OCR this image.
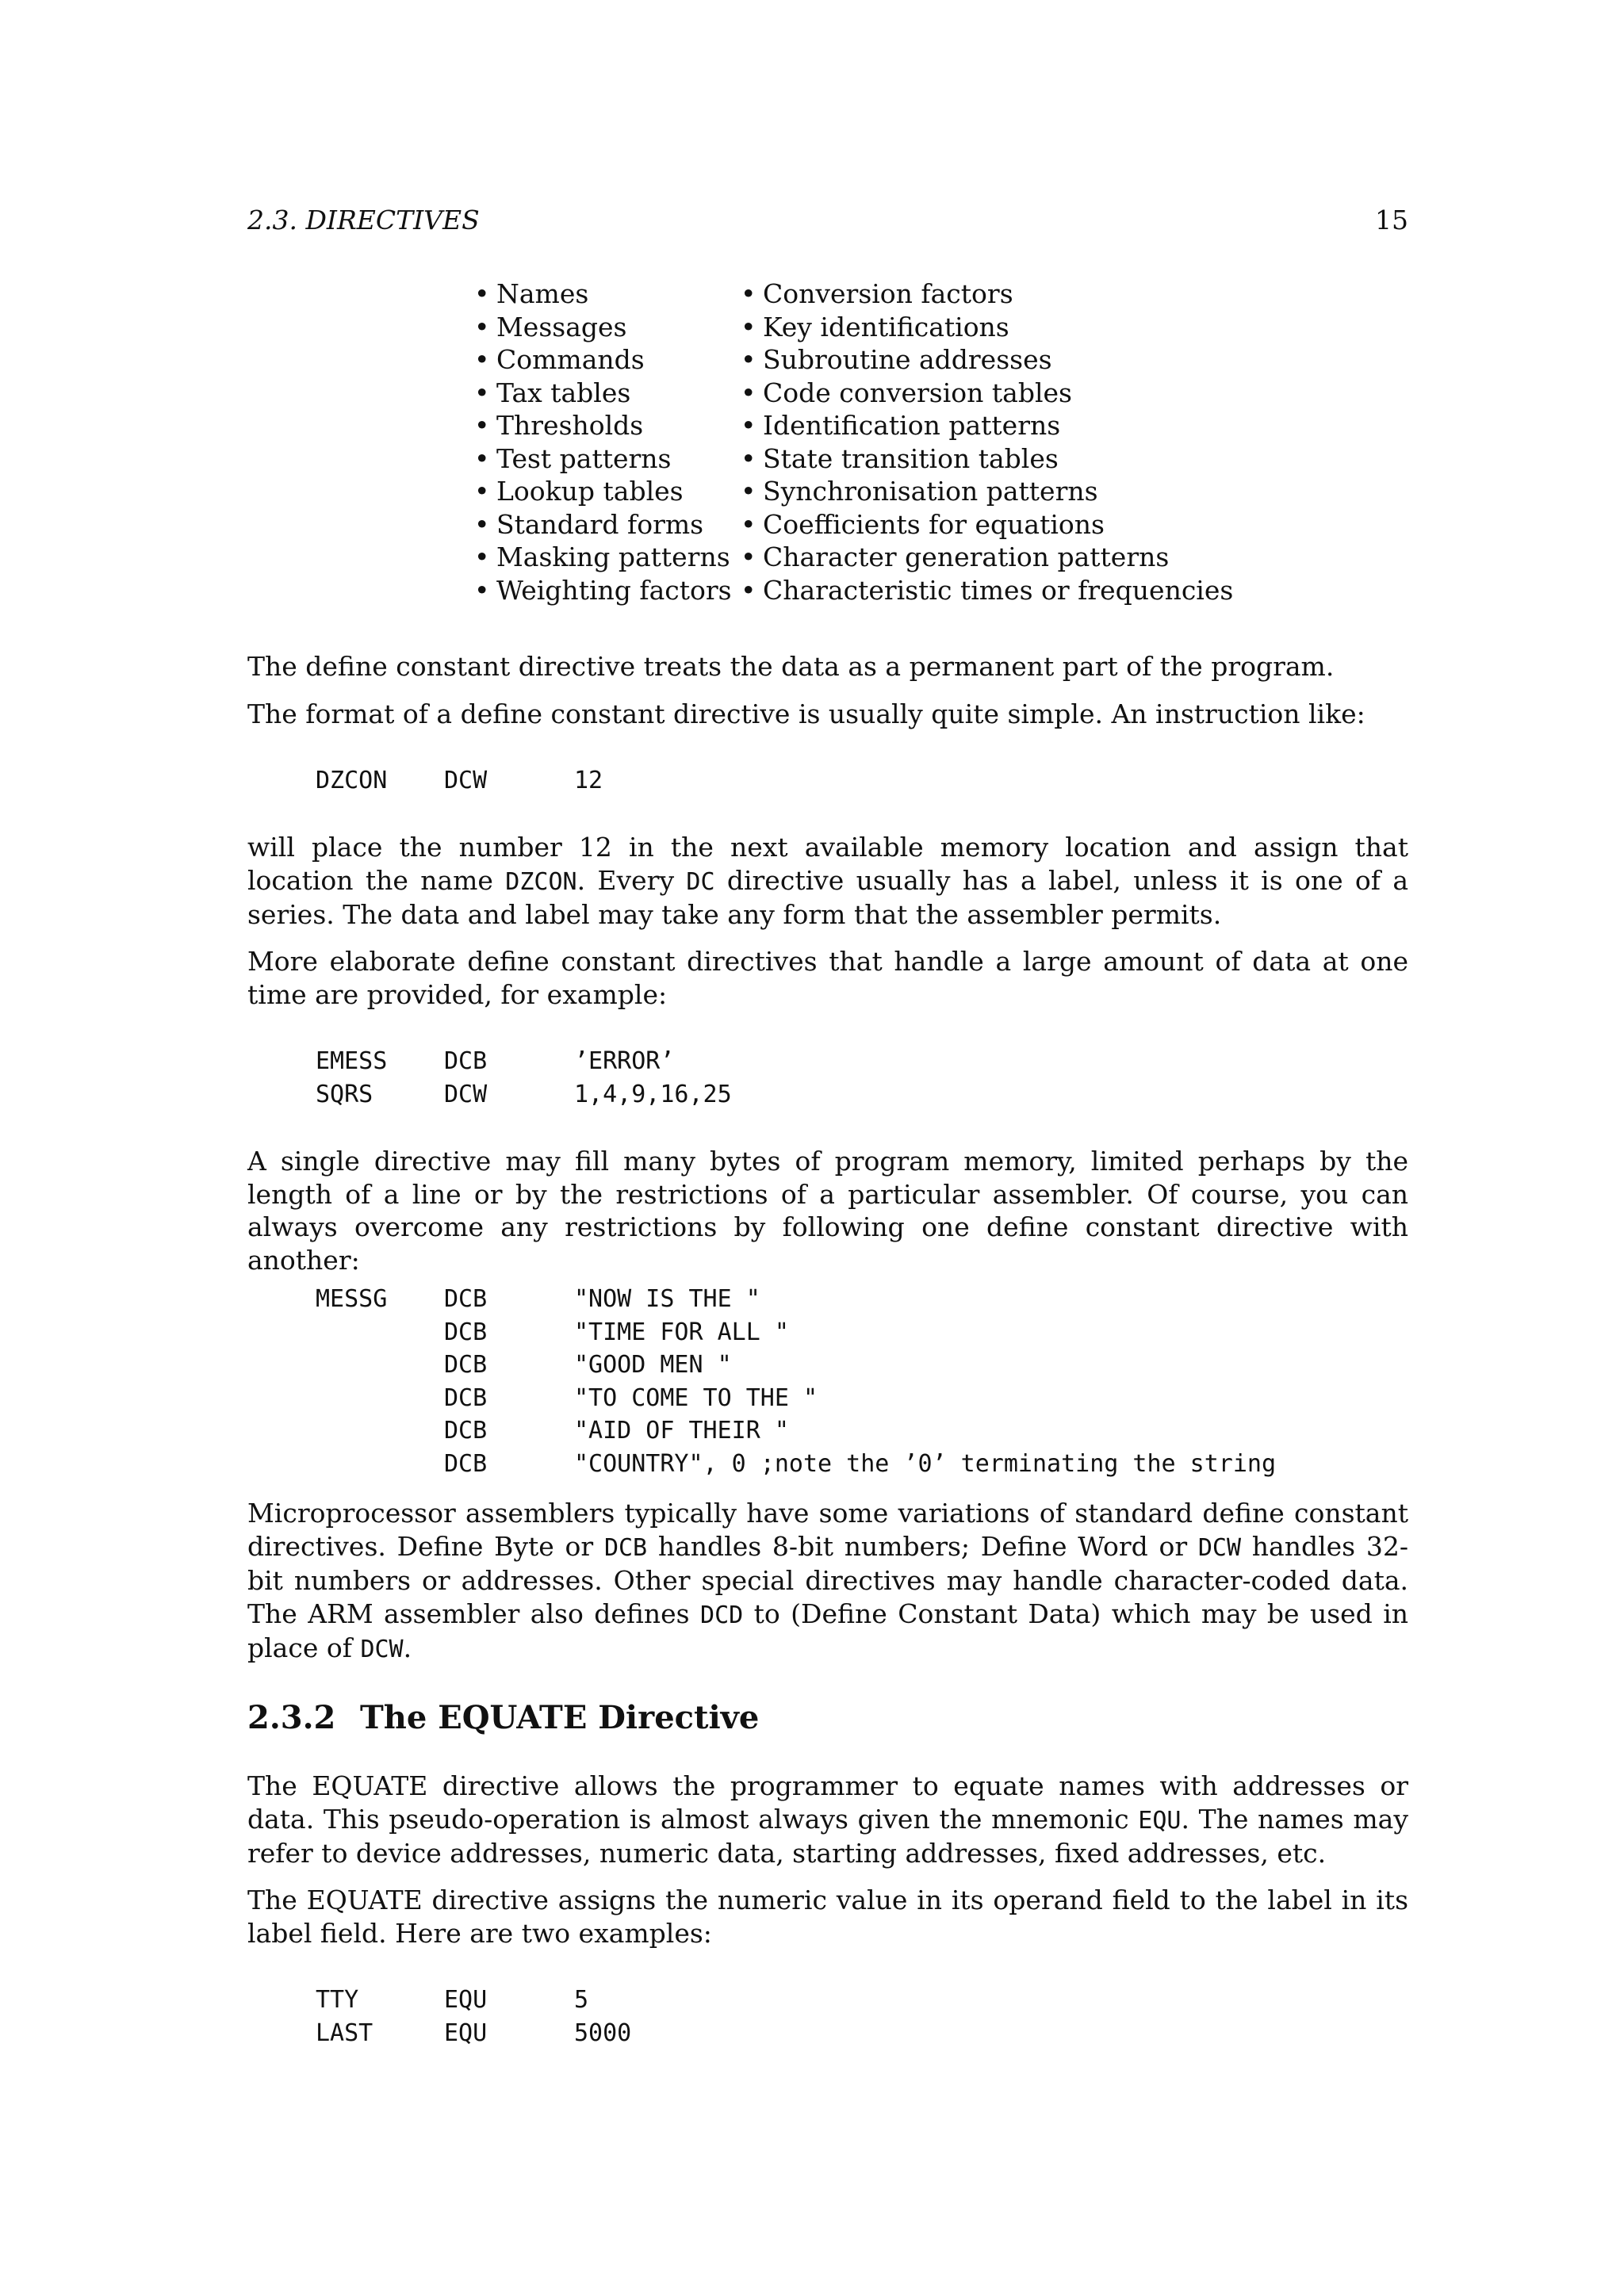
2.3. DIRECTIVES	15
• Names
• Messages
• Commands
• Tax tables
• Thresholds
• Test patterns
• Lookup tables
• Standard forms
• Masking patterns
• Weighting factors
• Conversion factors
• Key identifications
• Subroutine addresses
• Code conversion tables
• Identification patterns
• State transition tables
• Synchronisation patterns
• Coefficients for equations
• Character generation patterns
• Characteristic times or frequencies
The define constant directive treats the data as a permanent part of the program.
The format of a define constant directive is usually quite simple. An instruction like:
DZCON DCW	12
will place the number 12 in the next available memory location and assign that location the name DZCON. Every DC directive usually has a label, unless it is one of a series. The data and label may take any form that the assembler permits.
More elaborate define constant directives that handle a large amount of data at one time are provided, for example:
EMESS DCB	’ERROR’
SQRS	DCW	1,4,9,16,25
A single directive may fill many bytes of program memory, limited perhaps by the length of a line or by the restrictions of a particular assembler. Of course, you can always overcome any restrictions by following one define constant directive with another:
MESSG DCB	"NOW IS THE "
DCB	"TIME FOR ALL "
DCB	"GOOD MEN "
DCB	"TO COME TO THE "
DCB	"AID OF THEIR "
DCB	"COUNTRY", 0 ;note the ’0’ terminating the string
Microprocessor assemblers typically have some variations of standard define constant directives. Define Byte or DCB handles 8-bit numbers; Define Word or DCW handles 32-bit numbers or addresses. Other special directives may handle character-coded data. The ARM assembler also defines DCD to (Define Constant Data) which may be used in place of DCW.
2.3.2 The EQUATE Directive
The EQUATE directive allows the programmer to equate names with addresses or data. This pseudo-operation is almost always given the mnemonic EQU. The names may refer to device addresses, numeric data, starting addresses, fixed addresses, etc.
The EQUATE directive assigns the numeric value in its operand field to the label in its label field. Here are two examples:
TTY	EQU	5
LAST	EQU	5000
